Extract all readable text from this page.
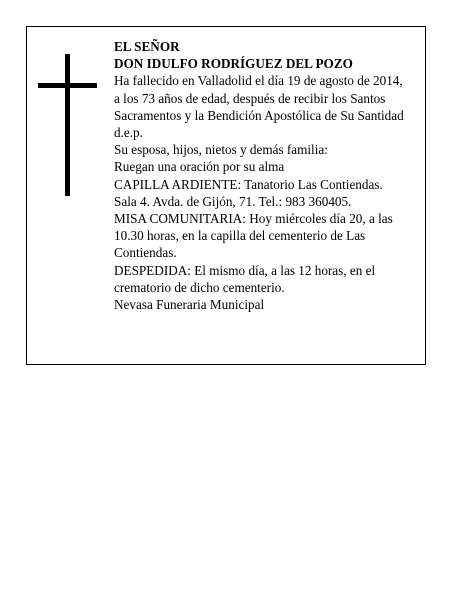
EL SEÑOR
DON IDULFO RODRÍGUEZ DEL POZO
Ha fallecido en Valladolid el día 19 de agosto de 2014,
a los 73 años de edad, después de recibir los Santos
Sacramentos y la Bendición Apostólica de Su Santidad
d.e.p.
Su esposa, hijos, nietos y demás familia:
Ruegan una oración por su alma
CAPILLA ARDIENTE: Tanatorio Las Contiendas.
Sala 4. Avda. de Gijón, 71. Tel.: 983 360405.
MISA COMUNITARIA: Hoy miércoles día 20, a las
10.30 horas, en la capilla del cementerio de Las
Contiendas.
DESPEDIDA: El mismo día, a las 12 horas, en el
crematorio de dicho cementerio.
Nevasa Funeraria Municipal
